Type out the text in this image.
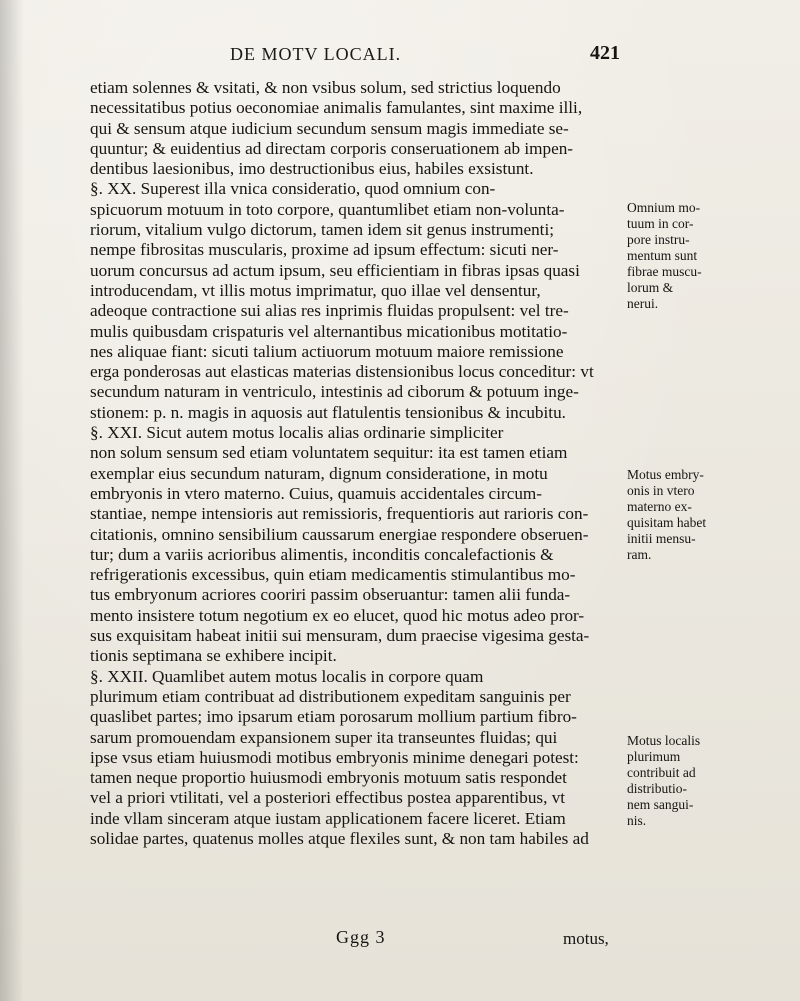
DE MOTV LOCALI.	421
etiam solennes & vsitati, & non vsibus solum, sed strictius loquendo
necessitatibus potius oeconomiae animalis famulantes, sint maxime illi,
qui & sensum atque iudicium secundum sensum magis immediate se-
quuntur; & euidentius ad directam corporis conseruationem ab impen-
dentibus laesionibus, imo destructionibus eius, habiles exsistunt.
§. XX. Superest illa vnica consideratio, quod omnium con-
spicuorum motuum in toto corpore, quantumlibet etiam non-volunta-
riorum, vitalium vulgo dictorum, tamen idem sit genus instrumenti;
nempe fibrositas muscularis, proxime ad ipsum effectum: sicuti ner-
uorum concursus ad actum ipsum, seu efficientiam in fibras ipsas quasi
introducendam, vt illis motus imprimatur, quo illae vel densentur,
adeoque contractione sui alias res inprimis fluidas propulsent: vel tre-
mulis quibusdam crispaturis vel alternantibus micationibus motitatio-
nes aliquae fiant: sicuti talium actiuorum motuum maiore remissione
erga ponderosas aut elasticas materias distensionibus locus conceditur: vt
secundum naturam in ventriculo, intestinis ad ciborum & potuum inge-
stionem: p. n. magis in aquosis aut flatulentis tensionibus & incubitu.
§. XXI. Sicut autem motus localis alias ordinarie simpliciter
non solum sensum sed etiam voluntatem sequitur: ita est tamen etiam
exemplar eius secundum naturam, dignum consideratione, in motu
embryonis in vtero materno. Cuius, quamuis accidentales circum-
stantiae, nempe intensioris aut remissioris, frequentioris aut rarioris con-
citationis, omnino sensibilium caussarum energiae respondere obseruen-
tur; dum a variis acrioribus alimentis, inconditis concalefactionis &
refrigerationis excessibus, quin etiam medicamentis stimulantibus mo-
tus embryonum acriores cooriri passim obseruantur: tamen alii funda-
mento insistere totum negotium ex eo elucet, quod hic motus adeo pror-
sus exquisitam habeat initii sui mensuram, dum praecise vigesima gesta-
tionis septimana se exhibere incipit.
§. XXII. Quamlibet autem motus localis in corpore quam
plurimum etiam contribuat ad distributionem expeditam sanguinis per
quaslibet partes; imo ipsarum etiam porosarum mollium partium fibro-
sarum promouendam expansionem super ita transeuntes fluidas; qui
ipse vsus etiam huiusmodi motibus embryonis minime denegari potest:
tamen neque proportio huiusmodi embryonis motuum satis respondet
vel a priori vtilitati, vel a posteriori effectibus postea apparentibus, vt
inde vllam sinceram atque iustam applicationem facere liceret. Etiam
solidae partes, quatenus molles atque flexiles sunt, & non tam habiles ad
Omnium mo-
tuum in cor-
pore instru-
mentum sunt
fibrae muscu-
lorum &
neruі.
Motus embry-
onis in vtero
materno ex-
quisitam habet
initii mensu-
ram.
Motus localis
plurimum
contribuit ad
distributio-
nem sangui-
nis.
Ggg 3	motus,
